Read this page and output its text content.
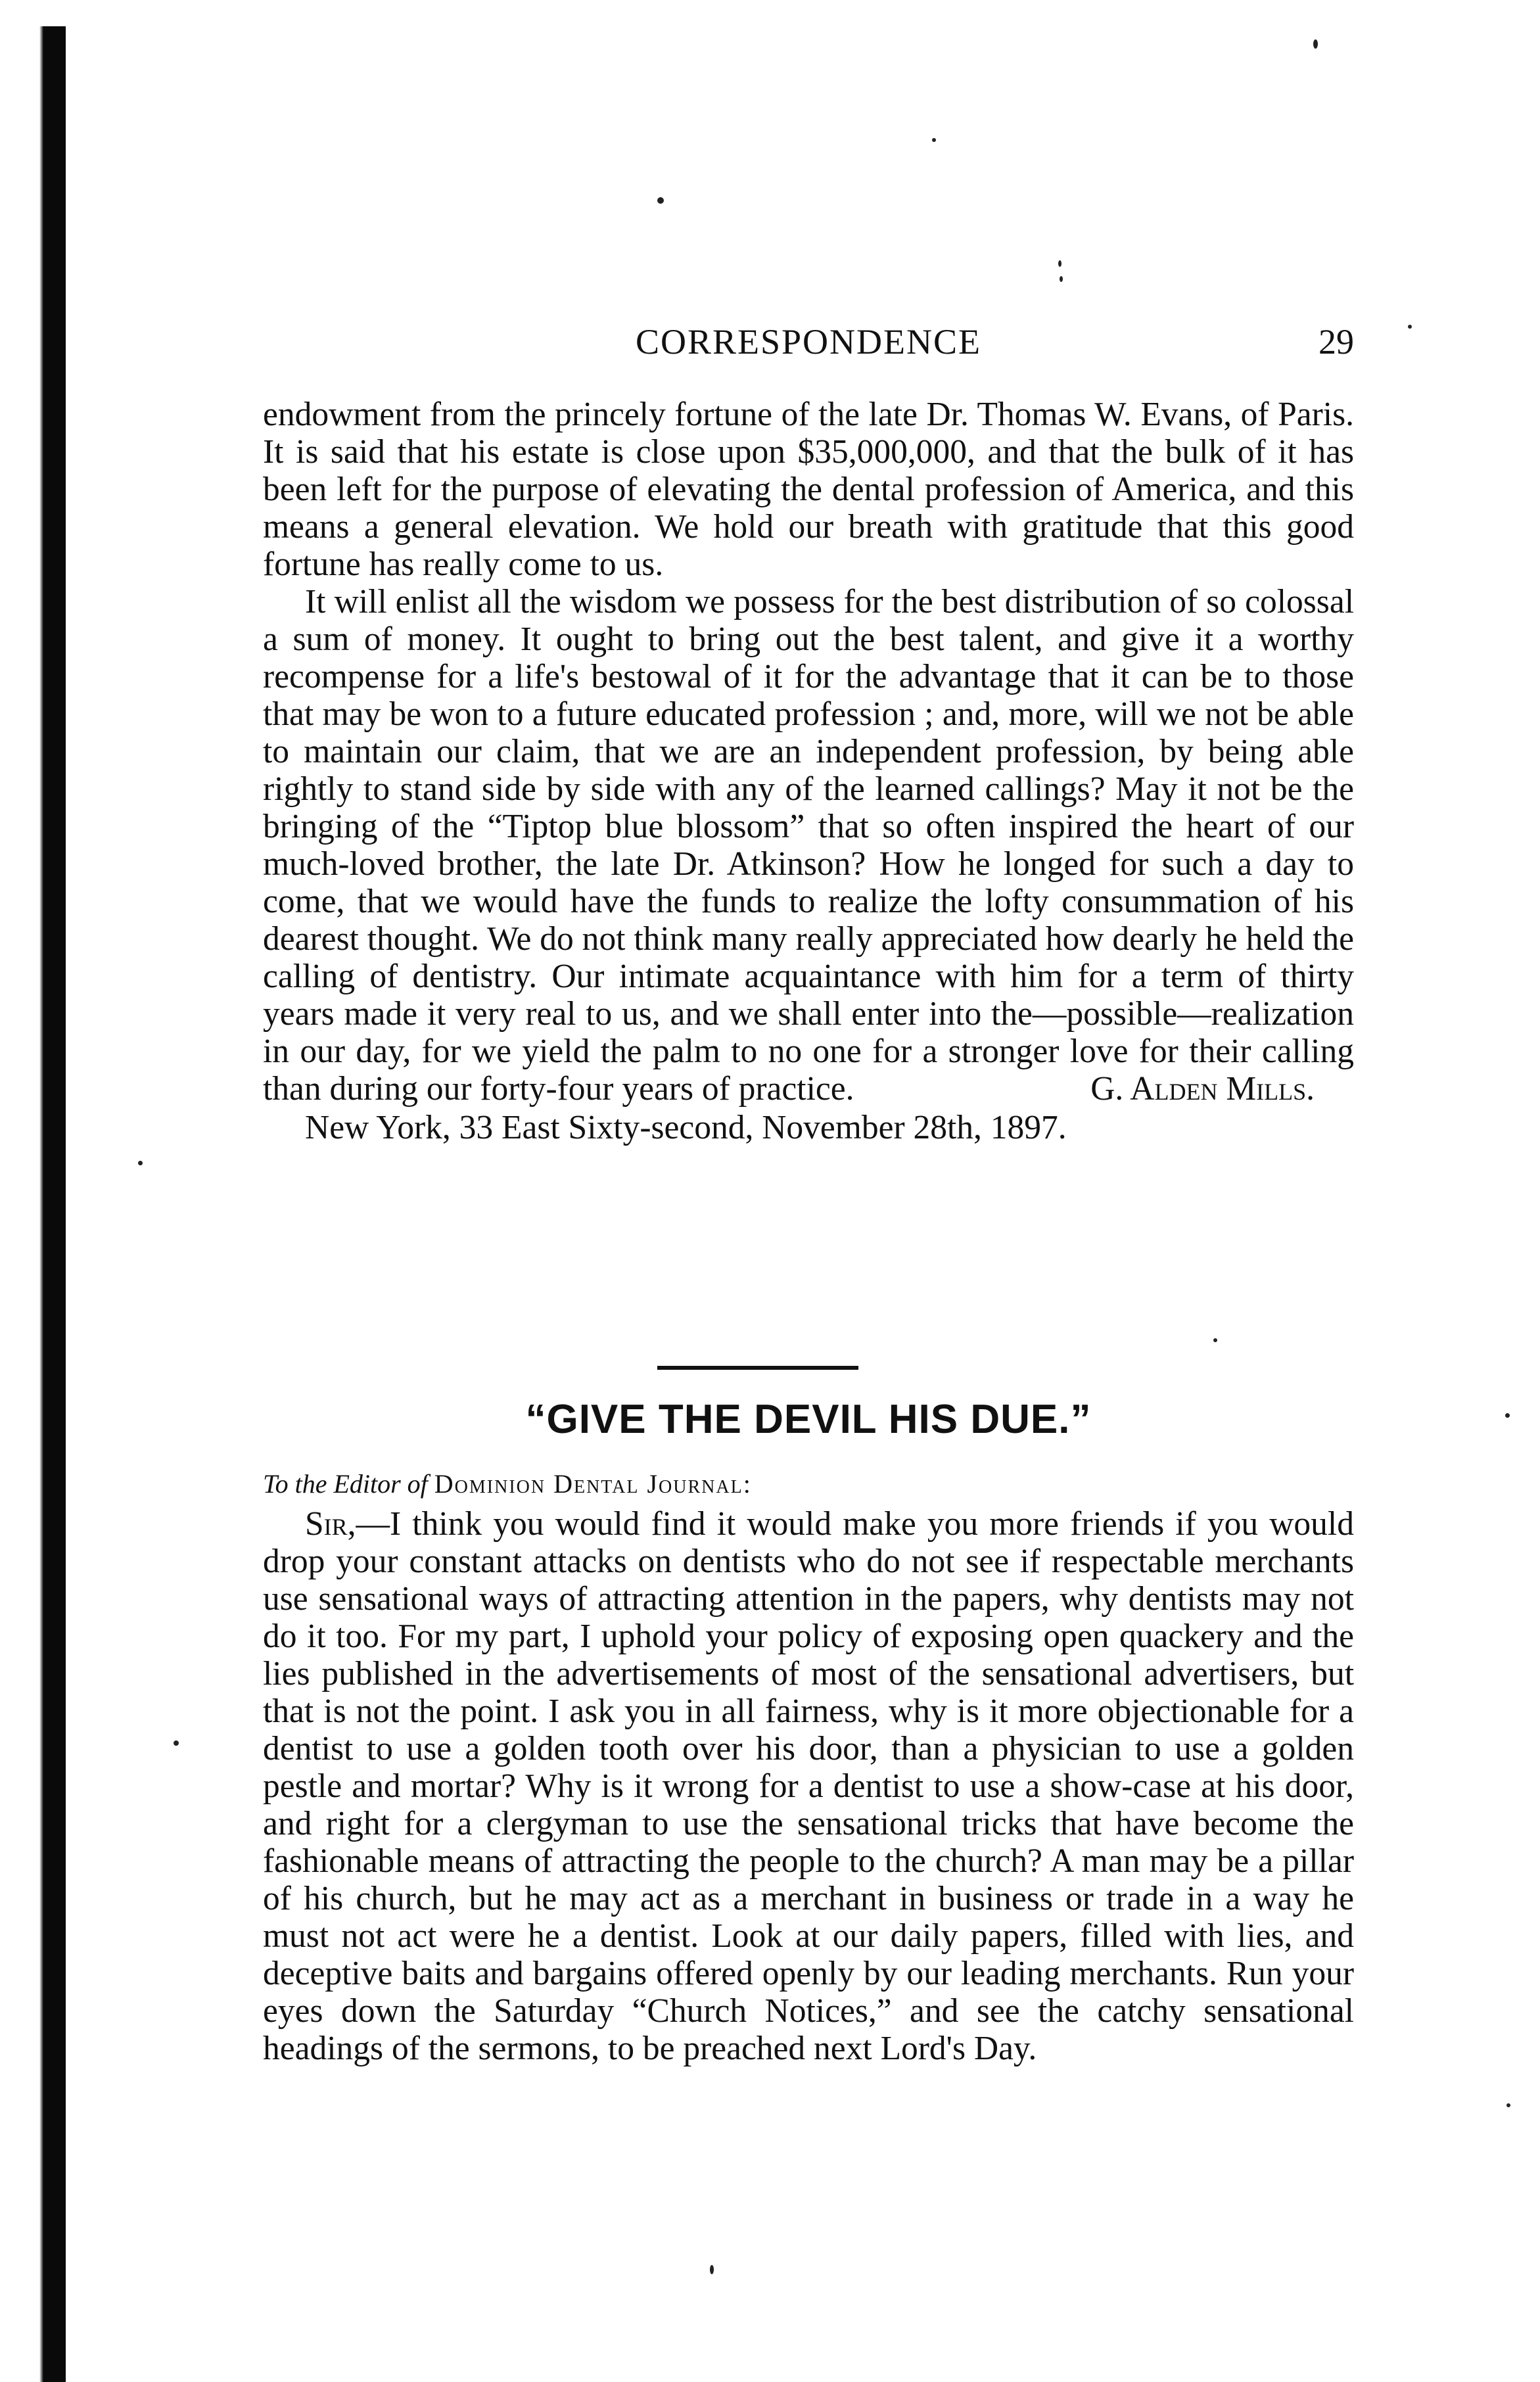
CORRESPONDENCE	29

endowment from the princely fortune of the late Dr. Thomas W. Evans, of Paris. It is said that his estate is close upon $35,000,000, and that the bulk of it has been left for the purpose of elevating the dental profession of America, and this means a general elevation. We hold our breath with gratitude that this good fortune has really come to us.

It will enlist all the wisdom we possess for the best distribution of so colossal a sum of money. It ought to bring out the best talent, and give it a worthy recompense for a life's bestowal of it for the advantage that it can be to those that may be won to a future educated profession ; and, more, will we not be able to maintain our claim, that we are an independent profession, by being able rightly to stand side by side with any of the learned callings? May it not be the bringing of the “Tiptop blue blossom” that so often inspired the heart of our much-loved brother, the late Dr. Atkinson? How he longed for such a day to come, that we would have the funds to realize the lofty consummation of his dearest thought. We do not think many really appreciated how dearly he held the calling of dentistry. Our intimate acquaintance with him for a term of thirty years made it very real to us, and we shall enter into the—possible—realization in our day, for we yield the palm to no one for a stronger love for their calling than during our forty-four years of practice.	G. Alden Mills.

New York, 33 East Sixty-second, November 28th, 1897.

“GIVE THE DEVIL HIS DUE.”
To the Editor of Dominion Dental Journal:

Sir,—I think you would find it would make you more friends if you would drop your constant attacks on dentists who do not see if respectable merchants use sensational ways of attracting attention in the papers, why dentists may not do it too. For my part, I uphold your policy of exposing open quackery and the lies published in the advertisements of most of the sensational advertisers, but that is not the point. I ask you in all fairness, why is it more objectionable for a dentist to use a golden tooth over his door, than a physician to use a golden pestle and mortar? Why is it wrong for a dentist to use a show-case at his door, and right for a clergyman to use the sensational tricks that have become the fashionable means of attracting the people to the church? A man may be a pillar of his church, but he may act as a merchant in business or trade in a way he must not act were he a dentist. Look at our daily papers, filled with lies, and deceptive baits and bargains offered openly by our leading merchants. Run your eyes down the Saturday “Church Notices,” and see the catchy sensational headings of the sermons, to be preached next Lord's Day.
